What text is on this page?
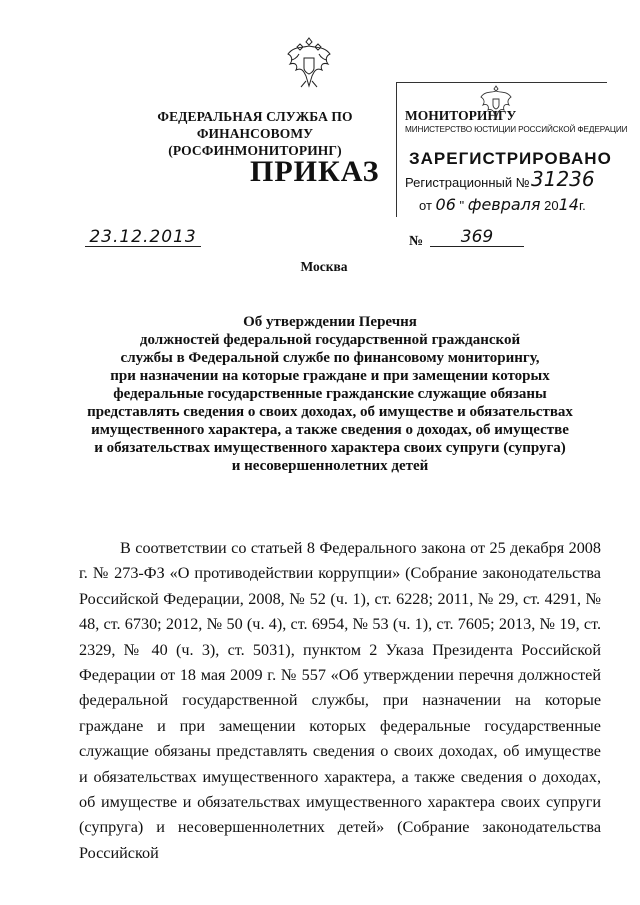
ФЕДЕРАЛЬНАЯ СЛУЖБА ПО ФИНАНСОВОМУ
(РОСФИНМОНИТОРИНГ)
МОНИТОРИНГУ
ПРИКАЗ
МИНИСТЕРСТВО ЮСТИЦИИ РОССИЙСКОЙ ФЕДЕРАЦИИ
ЗАРЕГИСТРИРОВАНО
Регистрационный № 31236
от 06 " февраля 2014г.
23.12.2013	№	369
Москва
Об утверждении Перечня
должностей федеральной государственной гражданской
службы в Федеральной службе по финансовому мониторингу,
при назначении на которые граждане и при замещении которых
федеральные государственные гражданские служащие обязаны
представлять сведения о своих доходах, об имуществе и обязательствах
имущественного характера, а также сведения о доходах, об имуществе
и обязательствах имущественного характера своих супруги (супруга)
и несовершеннолетних детей

В соответствии со статьей 8 Федерального закона от 25 декабря 2008 г. № 273-ФЗ «О противодействии коррупции» (Собрание законодательства Российской Федерации, 2008, № 52 (ч. 1), ст. 6228; 2011, № 29, ст. 4291, № 48, ст. 6730; 2012, № 50 (ч. 4), ст. 6954, № 53 (ч. 1), ст. 7605; 2013, № 19, ст. 2329, № 40 (ч. 3), ст. 5031), пунктом 2 Указа Президента Российской Федерации от 18 мая 2009 г. № 557 «Об утверждении перечня должностей федеральной государственной службы, при назначении на которые граждане и при замещении которых федеральные государственные служащие обязаны представлять сведения о своих доходах, об имуществе и обязательствах имущественного характера, а также сведения о доходах, об имуществе и обязательствах имущественного характера своих супруги (супруга) и несовершеннолетних детей» (Собрание законодательства Российской
